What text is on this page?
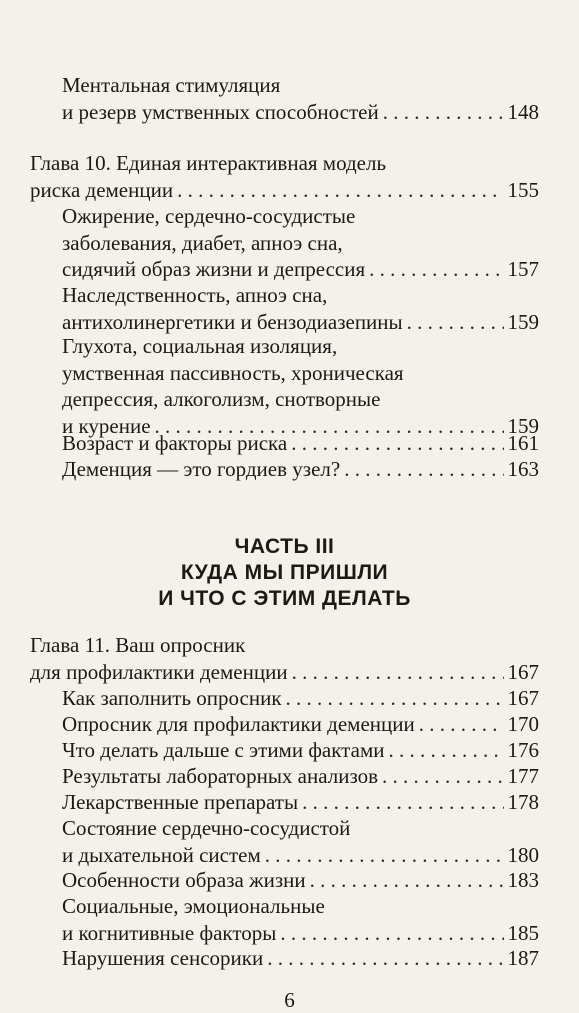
Ментальная стимуляция
и резерв умственных способностей . . .	148
Глава 10. Единая интерактивная модель
риска деменции . . .	155
Ожирение, сердечно-сосудистые
заболевания, диабет, апноэ сна,
сидячий образ жизни и депрессия . . .	157
Наследственность, апноэ сна,
антихолинергетики и бензодиазепины . . .	159
Глухота, социальная изоляция,
умственная пассивность, хроническая
депрессия, алкоголизм, снотворные
и курение . . .	159
Возраст и факторы риска . . .	161
Деменция — это гордиев узел? . . .	163
ЧАСТЬ III
КУДА МЫ ПРИШЛИ
И ЧТО С ЭТИМ ДЕЛАТЬ
Глава 11. Ваш опросник
для профилактики деменции . . .	167
Как заполнить опросник . . .	167
Опросник для профилактики деменции . . .	170
Что делать дальше с этими фактами . . .	176
Результаты лабораторных анализов . . .	177
Лекарственные препараты . . .	178
Состояние сердечно-сосудистой
и дыхательной систем . . .	180
Особенности образа жизни . . .	183
Социальные, эмоциональные
и когнитивные факторы . . .	185
Нарушения сенсорики . . .	187
6
